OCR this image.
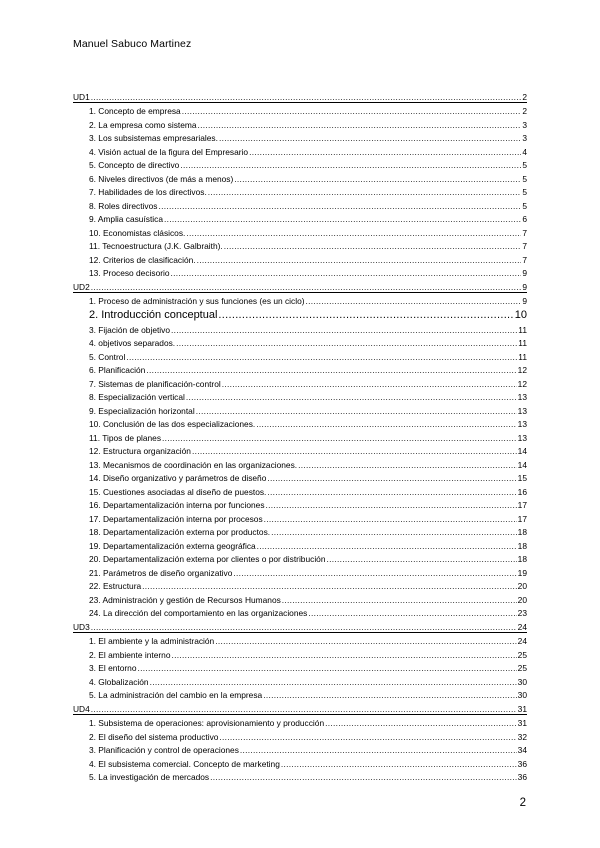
Manuel Sabuco Martinez
UD1 .....	2
1. Concepto de empresa .....	2
2. La empresa como sistema .....	3
3. Los subsistemas empresariales. .....	3
4. Visión actual de la figura del Empresario .....	4
5. Concepto de directivo .....	5
6. Niveles directivos (de más a menos) .....	5
7. Habilidades de los directivos. .....	5
8. Roles directivos .....	5
9. Amplia casuística .....	6
10. Economistas clásicos. .....	7
11. Tecnoestructura (J.K. Galbraith). .....	7
12. Criterios de clasificación. .....	7
13. Proceso decisorio .....	9
UD2 .....	9
1. Proceso de administración y sus funciones (es un ciclo) .....	9
2. Introducción conceptual .....	10
3. Fijación de objetivo .....	11
4. objetivos separados. .....	11
5. Control .....	11
6. Planificación .....	12
7. Sistemas de planificación-control .....	12
8. Especialización vertical .....	13
9. Especialización horizontal .....	13
10. Conclusión de las dos especializaciones. .....	13
11. Tipos de planes .....	13
12. Estructura organización .....	14
13. Mecanismos de coordinación en las organizaciones. .....	14
14. Diseño organizativo y parámetros de diseño .....	15
15. Cuestiones asociadas al diseño de puestos. .....	16
16. Departamentalización interna por funciones .....	17
17. Departamentalización interna por procesos .....	17
18. Departamentalización externa por productos. .....	18
19. Departamentalización externa geográfica .....	18
20. Departamentalización externa por clientes o por distribución .....	18
21. Parámetros de diseño organizativo .....	19
22. Estructura .....	20
23. Administración y gestión de Recursos Humanos .....	20
24. La dirección del comportamiento en las organizaciones .....	23
UD3 .....	24
1. El ambiente y la administración .....	24
2. El ambiente interno .....	25
3. El entorno .....	25
4. Globalización .....	30
5. La administración del cambio en la empresa .....	30
UD4 .....	31
1. Subsistema de operaciones: aprovisionamiento y producción .....	31
2. El diseño del sistema productivo .....	32
3. Planificación y control de operaciones .....	34
4. El subsistema comercial. Concepto de marketing .....	36
5. La investigación de mercados .....	36
2
